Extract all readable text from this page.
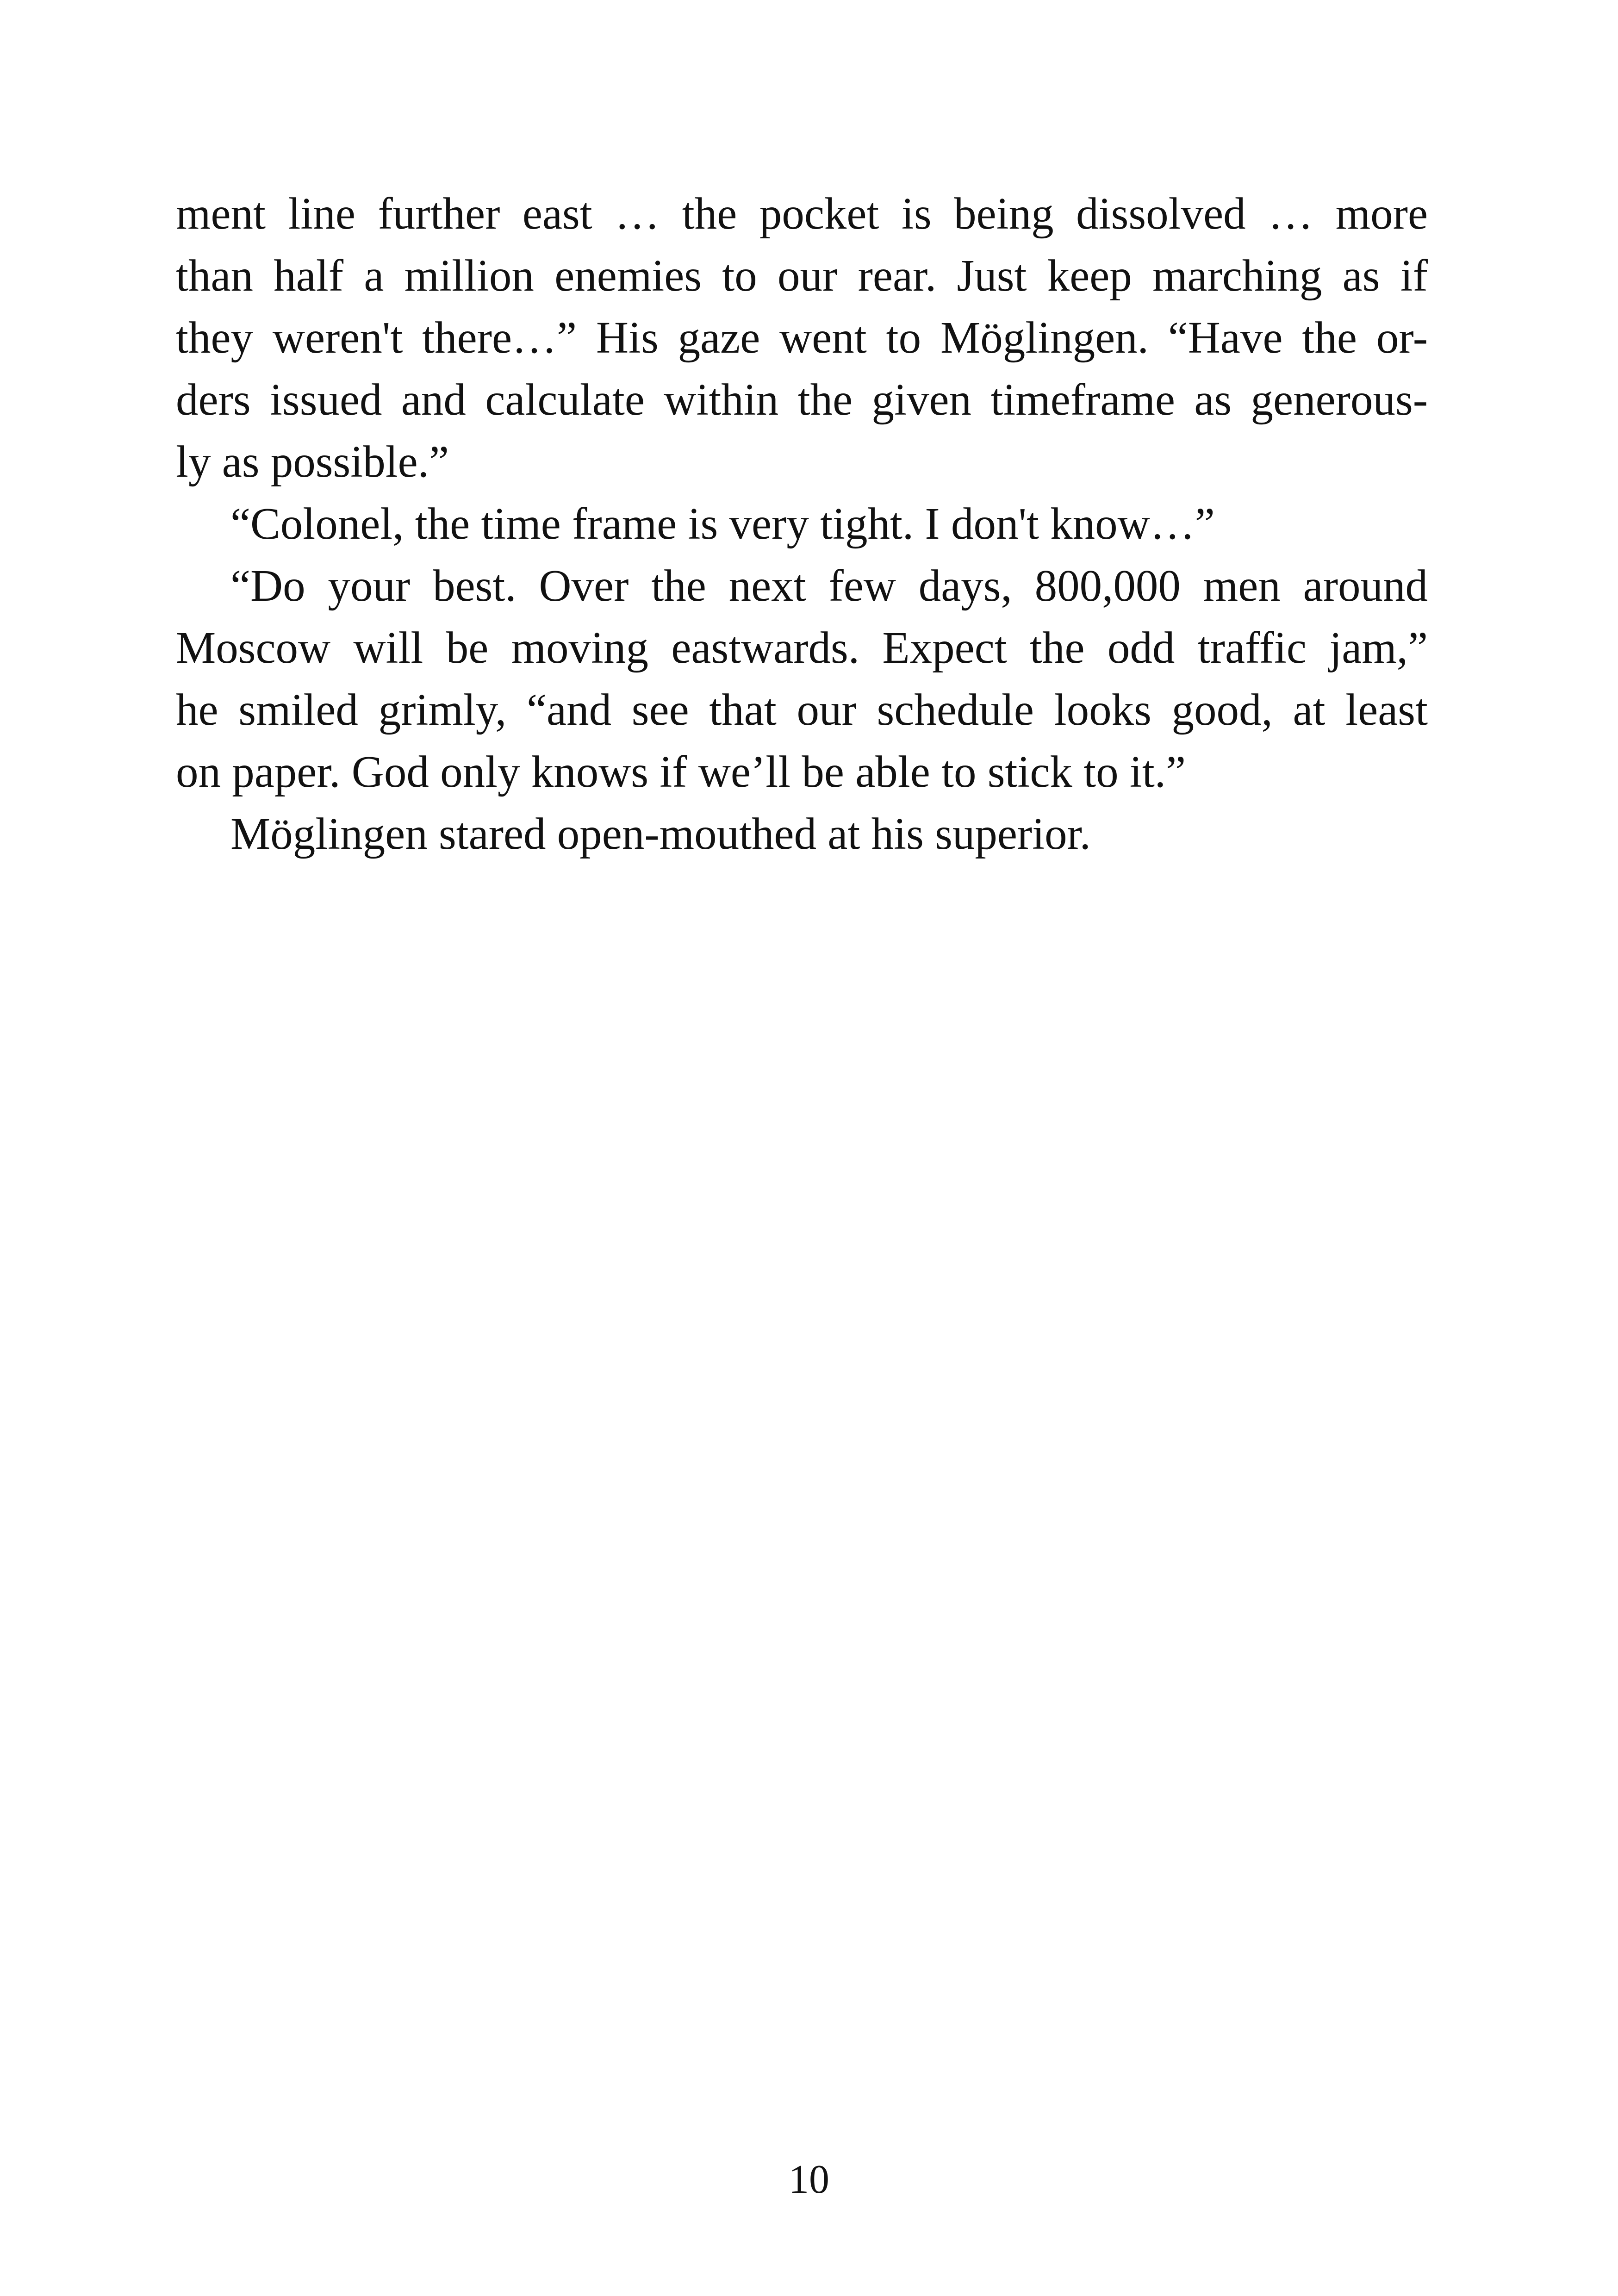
ment line further east … the pocket is being dissolved … more
than half a million enemies to our rear. Just keep marching as if
they weren't there…” His gaze went to Möglingen. “Have the or-
ders issued and calculate within the given timeframe as generous-
ly as possible.”
“Colonel, the time frame is very tight. I don't know…”
“Do your best. Over the next few days, 800,000 men around
Moscow will be moving eastwards. Expect the odd traffic jam,”
he smiled grimly, “and see that our schedule looks good, at least
on paper. God only knows if we’ll be able to stick to it.”
Möglingen stared open-mouthed at his superior.
10
